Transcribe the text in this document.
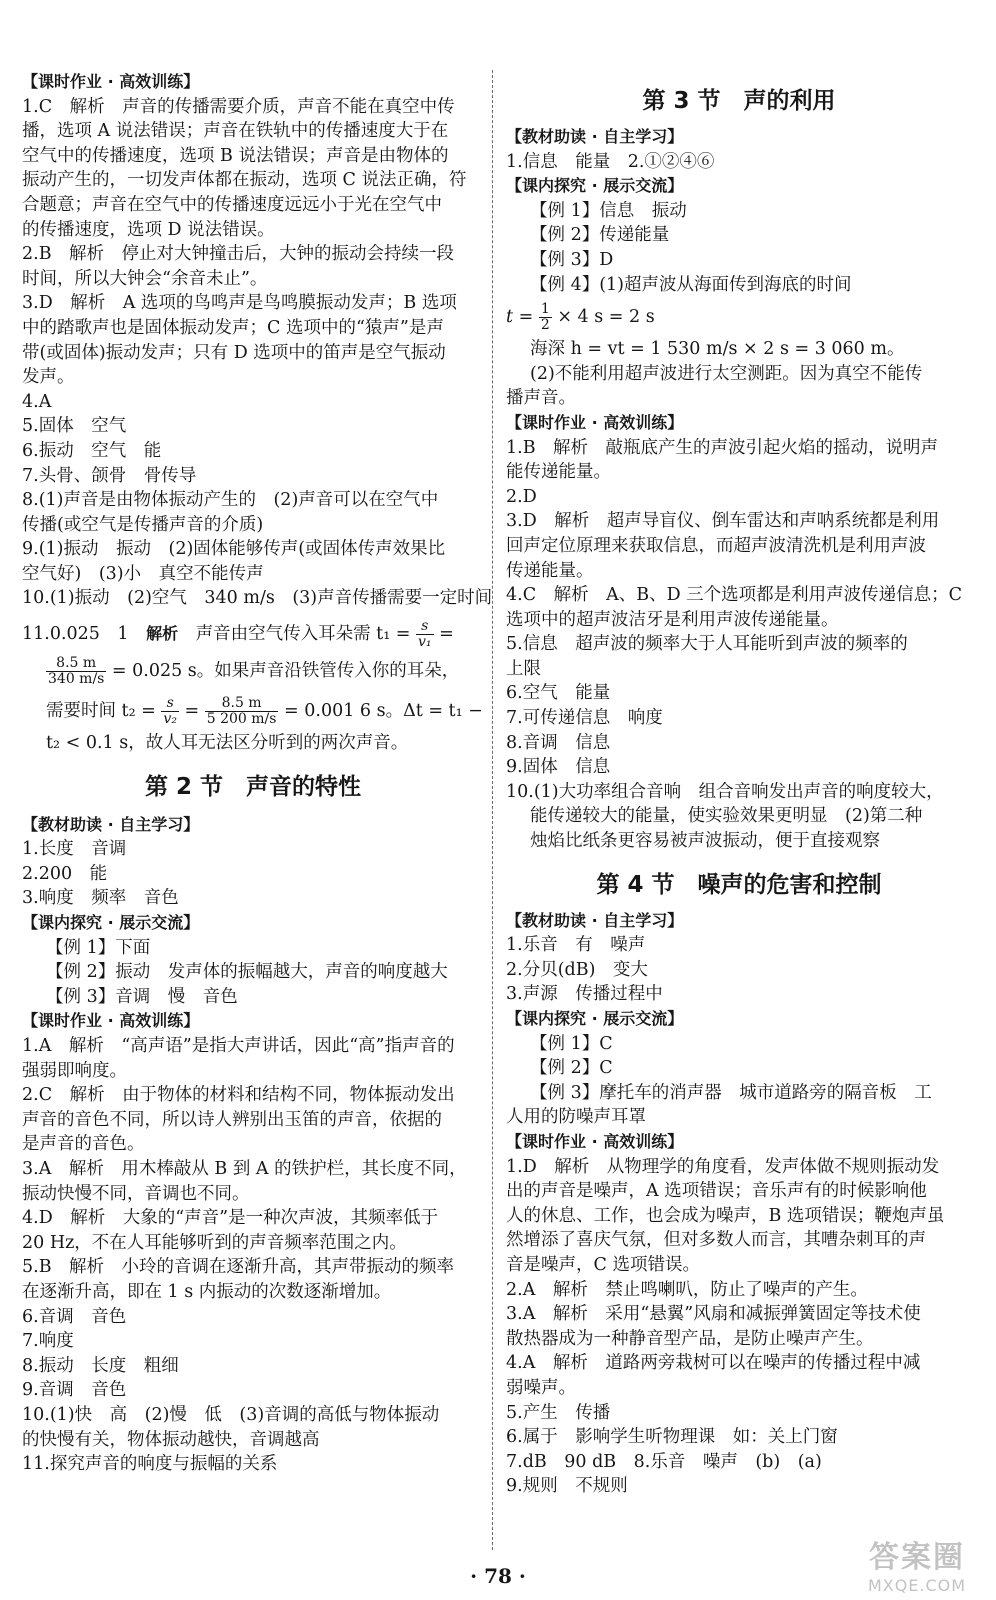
【课时作业 · 高效训练】
1.C　解析　声音的传播需要介质，声音不能在真空中传
播，选项 A 说法错误；声音在铁轨中的传播速度大于在
空气中的传播速度，选项 B 说法错误；声音是由物体的
振动产生的，一切发声体都在振动，选项 C 说法正确，符
合题意；声音在空气中的传播速度远远小于光在空气中
的传播速度，选项 D 说法错误。
2.B　解析　停止对大钟撞击后，大钟的振动会持续一段
时间，所以大钟会“余音未止”。
3.D　解析　A 选项的鸟鸣声是鸟鸣膜振动发声；B 选项
中的踏歌声也是固体振动发声；C 选项中的“猿声”是声
带(或固体)振动发声；只有 D 选项中的笛声是空气振动
发声。
4.A
5.固体　空气
6.振动　空气　能
7.头骨、颌骨　骨传导
8.(1)声音是由物体振动产生的　(2)声音可以在空气中
传播(或空气是传播声音的介质)
9.(1)振动　振动　(2)固体能够传声(或固体传声效果比
空气好)　(3)小　真空不能传声
10.(1)振动　(2)空气　340 m/s　(3)声音传播需要一定时间
11.0.025　1　解析　声音由空气传入耳朵需 $t_1 = \frac{s}{\text{v₁}}$ =
$\frac{8.5 m}{340 m/s} = 0.025$ s。如果声音沿铁管传入你的耳朵，
需要时间 $t_2 = \frac{s}{\text{v₂}} = \frac{8.5 m}{5 200 m/s} = 0.001$ 6 s。Δt = t₁ −
t₂ < 0.1 s，故人耳无法区分听到的两次声音。
第 2 节　声音的特性
【教材助读 · 自主学习】
1.长度　音调
2.200　能
3.响度　频率　音色
【课内探究 · 展示交流】
【例 1】下面
【例 2】振动　发声体的振幅越大，声音的响度越大
【例 3】音调　慢　音色
【课时作业 · 高效训练】
1.A　解析　“高声语”是指大声讲话，因此“高”指声音的
强弱即响度。
2.C　解析　由于物体的材料和结构不同，物体振动发出
声音的音色不同，所以诗人辨别出玉笛的声音，依据的
是声音的音色。
3.A　解析　用木棒敲从 B 到 A 的铁护栏，其长度不同，
振动快慢不同，音调也不同。
4.D　解析　大象的“声音”是一种次声波，其频率低于
20 Hz，不在人耳能够听到的声音频率范围之内。
5.B　解析　小玲的音调在逐渐升高，其声带振动的频率
在逐渐升高，即在 1 s 内振动的次数逐渐增加。
6.音调　音色
7.响度
8.振动　长度　粗细
9.音调　音色
10.(1)快　高　(2)慢　低　(3)音调的高低与物体振动
的快慢有关，物体振动越快，音调越高
11.探究声音的响度与振幅的关系
第 3 节　声的利用
【教材助读 · 自主学习】
1.信息　能量　2.①②④⑥
【课内探究 · 展示交流】
【例 1】信息　振动
【例 2】传递能量
【例 3】D
【例 4】(1)超声波从海面传到海底的时间
$t = \frac{1}{2} \times 4$ s = 2 s
海深 h = vt = 1 530 m/s × 2 s = 3 060 m。
(2)不能利用超声波进行太空测距。因为真空不能传
播声音。
【课时作业 · 高效训练】
1.B　解析　敲瓶底产生的声波引起火焰的摇动，说明声
能传递能量。
2.D
3.D　解析　超声导盲仪、倒车雷达和声呐系统都是利用
回声定位原理来获取信息，而超声波清洗机是利用声波
传递能量。
4.C　解析　A、B、D 三个选项都是利用声波传递信息；C
选项中的超声波洁牙是利用声波传递能量。
5.信息　超声波的频率大于人耳能听到声波的频率的
上限
6.空气　能量
7.可传递信息　响度
8.音调　信息
9.固体　信息
10.(1)大功率组合音响　组合音响发出声音的响度较大，
能传递较大的能量，使实验效果更明显　(2)第二种
烛焰比纸条更容易被声波振动，便于直接观察
第 4 节　噪声的危害和控制
【教材助读 · 自主学习】
1.乐音　有　噪声
2.分贝(dB)　变大
3.声源　传播过程中
【课内探究 · 展示交流】
【例 1】C
【例 2】C
【例 3】摩托车的消声器　城市道路旁的隔音板　工
人用的防噪声耳罩
【课时作业 · 高效训练】
1.D　解析　从物理学的角度看，发声体做不规则振动发
出的声音是噪声，A 选项错误；音乐声有的时候影响他
人的休息、工作，也会成为噪声，B 选项错误；鞭炮声虽
然增添了喜庆气氛，但对多数人而言，其嘈杂刺耳的声
音是噪声，C 选项错误。
2.A　解析　禁止鸣喇叭，防止了噪声的产生。
3.A　解析　采用“悬翼”风扇和减振弹簧固定等技术使
散热器成为一种静音型产品，是防止噪声产生。
4.A　解析　道路两旁栽树可以在噪声的传播过程中减
弱噪声。
5.产生　传播
6.属于　影响学生听物理课　如：关上门窗
7.dB　90 dB　8.乐音　噪声　(b)　(a)
9.规则　不规则
· 78 ·
答案圈
MXQE.COM
